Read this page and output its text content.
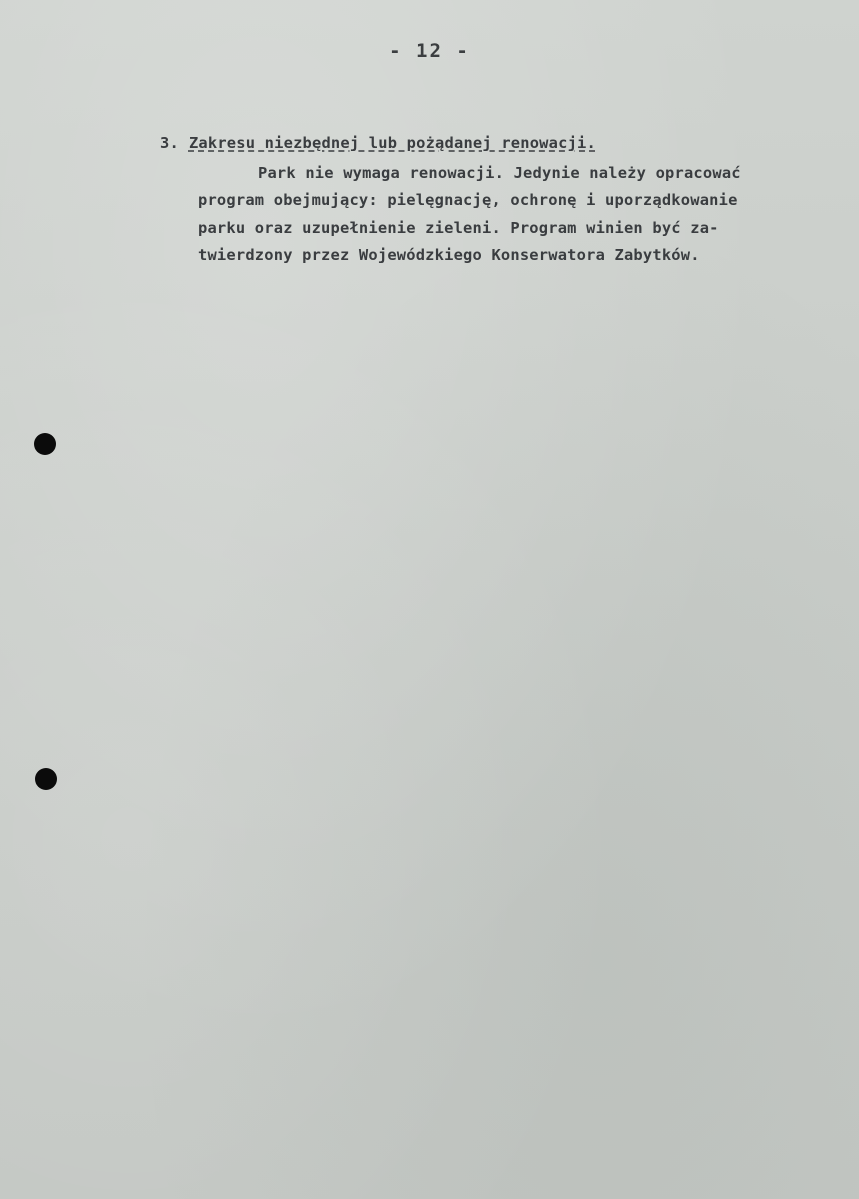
- 12 -
3. Zakresu niezbędnej lub pożądanej renowacji.
Park nie wymaga renowacji. Jedynie należy opracować
program obejmujący: pielęgnację, ochronę i uporządkowanie
parku oraz uzupełnienie zieleni. Program winien być za-
twierdzony przez Wojewódzkiego Konserwatora Zabytków.
